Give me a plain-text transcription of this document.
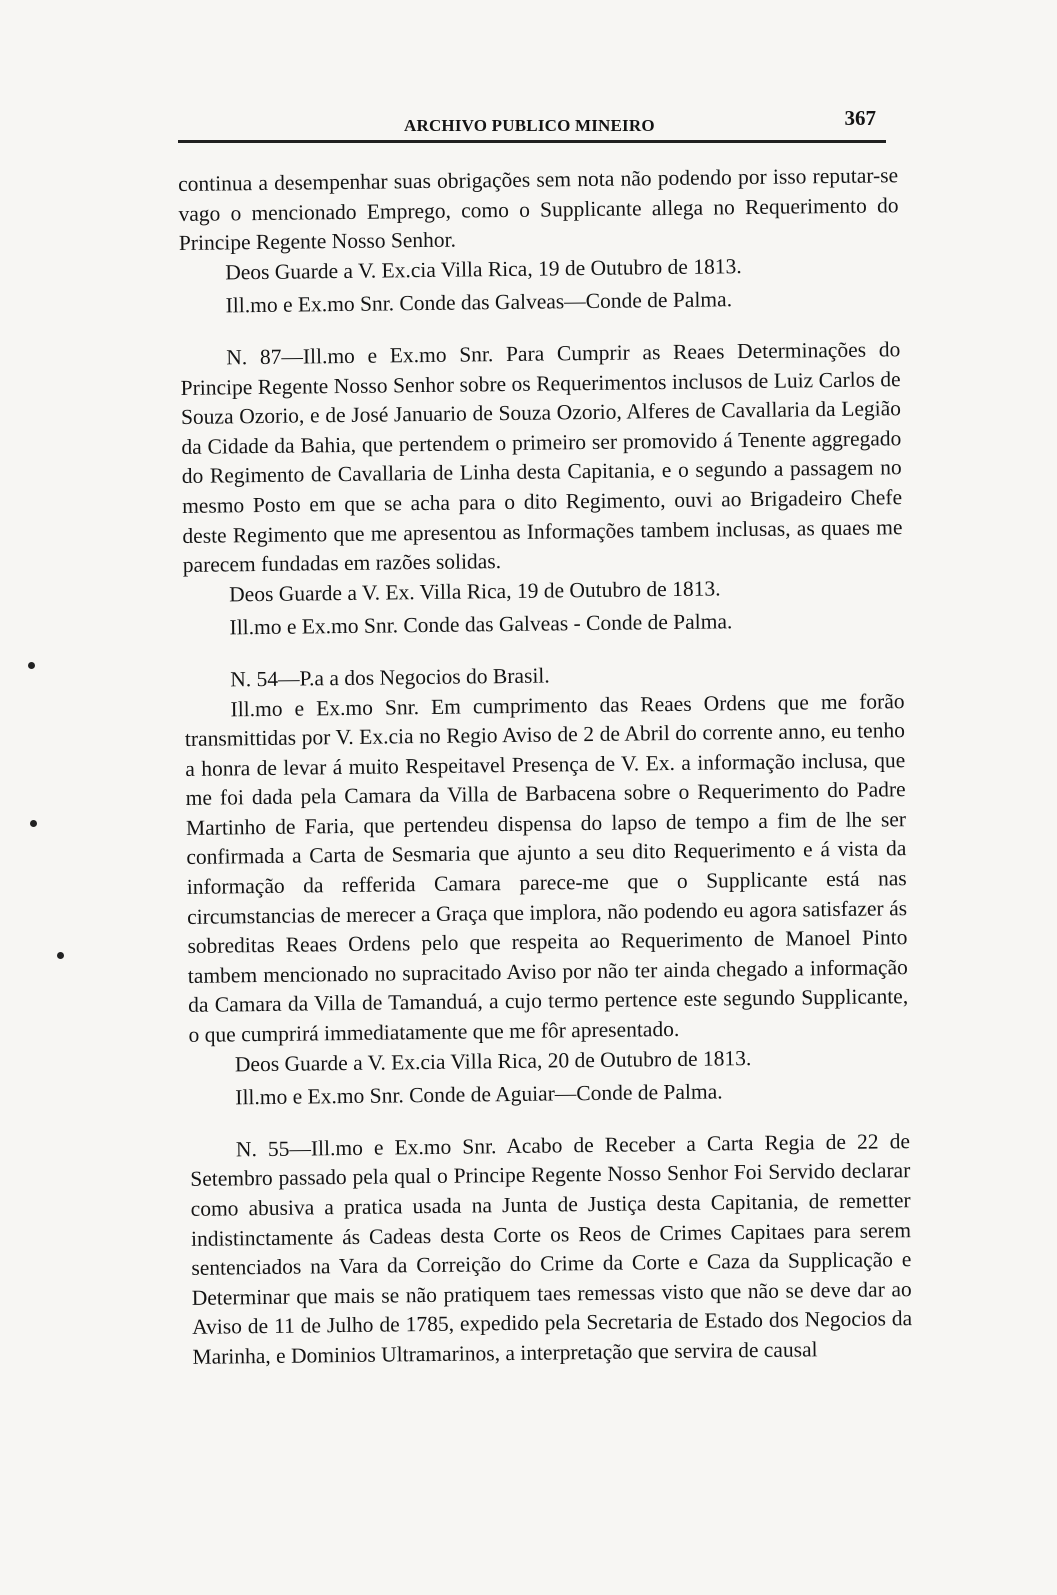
ARCHIVO PUBLICO MINEIRO	367

continua a desempenhar suas obrigações sem nota não podendo por isso reputar-se vago o mencionado Emprego, como o Supplicante allega no Requerimento do Principe Regente Nosso Senhor.

Deos Guarde a V. Ex.cia Villa Rica, 19 de Outubro de 1813.

Ill.mo e Ex.mo Snr. Conde das Galveas—Conde de Palma.

N. 87—Ill.mo e Ex.mo Snr. Para Cumprir as Reaes Determinações do Principe Regente Nosso Senhor sobre os Requerimentos inclusos de Luiz Carlos de Souza Ozorio, e de José Januario de Souza Ozorio, Alferes de Cavallaria da Legião da Cidade da Bahia, que pertendem o primeiro ser promovido á Tenente aggregado do Regimento de Cavallaria de Linha desta Capitania, e o segundo a passagem no mesmo Posto em que se acha para o dito Regimento, ouvi ao Brigadeiro Chefe deste Regimento que me apresentou as Informações tambem inclusas, as quaes me parecem fundadas em razões solidas.

Deos Guarde a V. Ex. Villa Rica, 19 de Outubro de 1813.

Ill.mo e Ex.mo Snr. Conde das Galveas - Conde de Palma.

N. 54—P.a a dos Negocios do Brasil.

Ill.mo e Ex.mo Snr. Em cumprimento das Reaes Ordens que me forão transmittidas por V. Ex.cia no Regio Aviso de 2 de Abril do corrente anno, eu tenho a honra de levar á muito Respeitavel Presença de V. Ex. a informação inclusa, que me foi dada pela Camara da Villa de Barbacena sobre o Requerimento do Padre Martinho de Faria, que pertendeu dispensa do lapso de tempo a fim de lhe ser confirmada a Carta de Sesmaria que ajunto a seu dito Requerimento e á vista da informação da refferida Camara parece-me que o Supplicante está nas circumstancias de merecer a Graça que implora, não podendo eu agora satisfazer ás sobreditas Reaes Ordens pelo que respeita ao Requerimento de Manoel Pinto tambem mencionado no supracitado Aviso por não ter ainda chegado a informação da Camara da Villa de Tamanduá, a cujo termo pertence este segundo Supplicante, o que cumprirá immediatamente que me fôr apresentado.

Deos Guarde a V. Ex.cia Villa Rica, 20 de Outubro de 1813.

Ill.mo e Ex.mo Snr. Conde de Aguiar—Conde de Palma.

N. 55—Ill.mo e Ex.mo Snr. Acabo de Receber a Carta Regia de 22 de Setembro passado pela qual o Principe Regente Nosso Senhor Foi Servido declarar como abusiva a pratica usada na Junta de Justiça desta Capitania, de remetter indistinctamente ás Cadeas desta Corte os Reos de Crimes Capitaes para serem sentenciados na Vara da Correição do Crime da Corte e Caza da Supplicação e Determinar que mais se não pratiquem taes remessas visto que não se deve dar ao Aviso de 11 de Julho de 1785, expedido pela Secretaria de Estado dos Negocios da Marinha, e Dominios Ultramarinos, a interpretação que servira de causal
